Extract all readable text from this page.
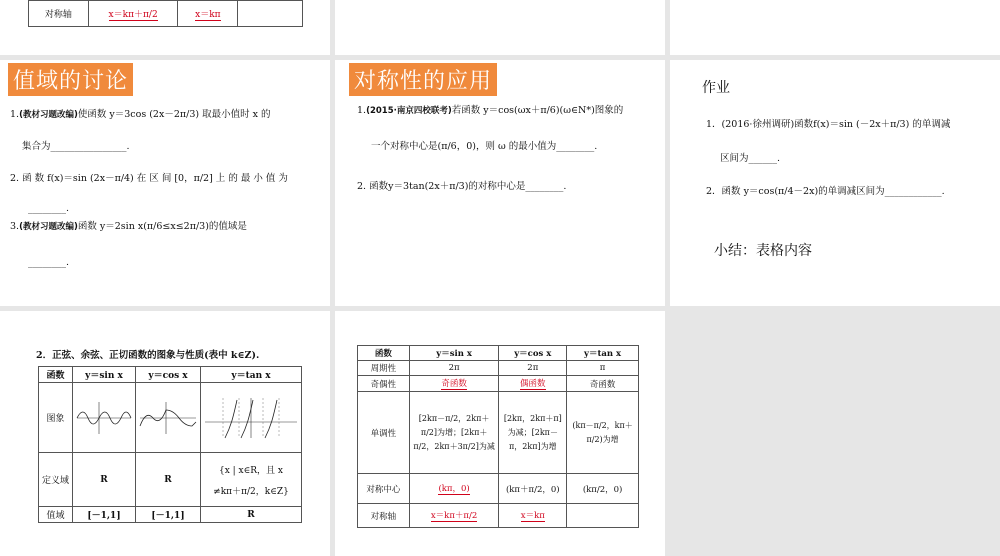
对称轴	x＝kπ＋π/2	x＝kπ	
值域的讨论
1.(教材习题改编)使函数 y＝3cos (2x－2π/3) 取最小值时 x 的
集合为________________.
2. 函 数 f(x)＝sin (2x－π/4) 在 区 间 [0，π/2] 上 的 最 小 值 为
________.
3.(教材习题改编)函数 y＝2sin x(π/6≤x≤2π/3)的值域是
________.
对称性的应用
1.(2015·南京四校联考)若函数 y＝cos(ωx＋π/6)(ω∈N*)图象的
一个对称中心是(π/6，0)，则 ω 的最小值为________.
2. 函数y＝3tan(2x＋π/3)的对称中心是________.
作业
1．(2016·徐州调研)函数f(x)＝sin (－2x＋π/3) 的单调减
区间为______.
2．函数 y＝cos(π/4－2x)的单调减区间为____________.
小结：表格内容
2．正弦、余弦、正切函数的图象与性质(表中 k∈Z).
函数	y＝sin x	y＝cos x	y＝tan x
图象	

定义域	R	R	{x | x∈R，且 x
≠kπ＋π/2，k∈Z}

值域	[－1,1]	[－1,1]	R
函数	y＝sin x	y＝cos x	y＝tan x
周期性	2π	2π	π
奇偶性	奇函数	偶函数	奇函数
单调性	[2kπ－π/2，2kπ＋π/2]为增；[2kπ＋π/2，2kπ＋3π/2]为减	[2kπ，2kπ＋π]为减；[2kπ－π，2kπ]为增	(kπ－π/2，kπ＋π/2)为增
对称中心	(kπ，0)	(kπ＋π/2，0)	(kπ/2，0)
对称轴	x＝kπ＋π/2	x＝kπ	
